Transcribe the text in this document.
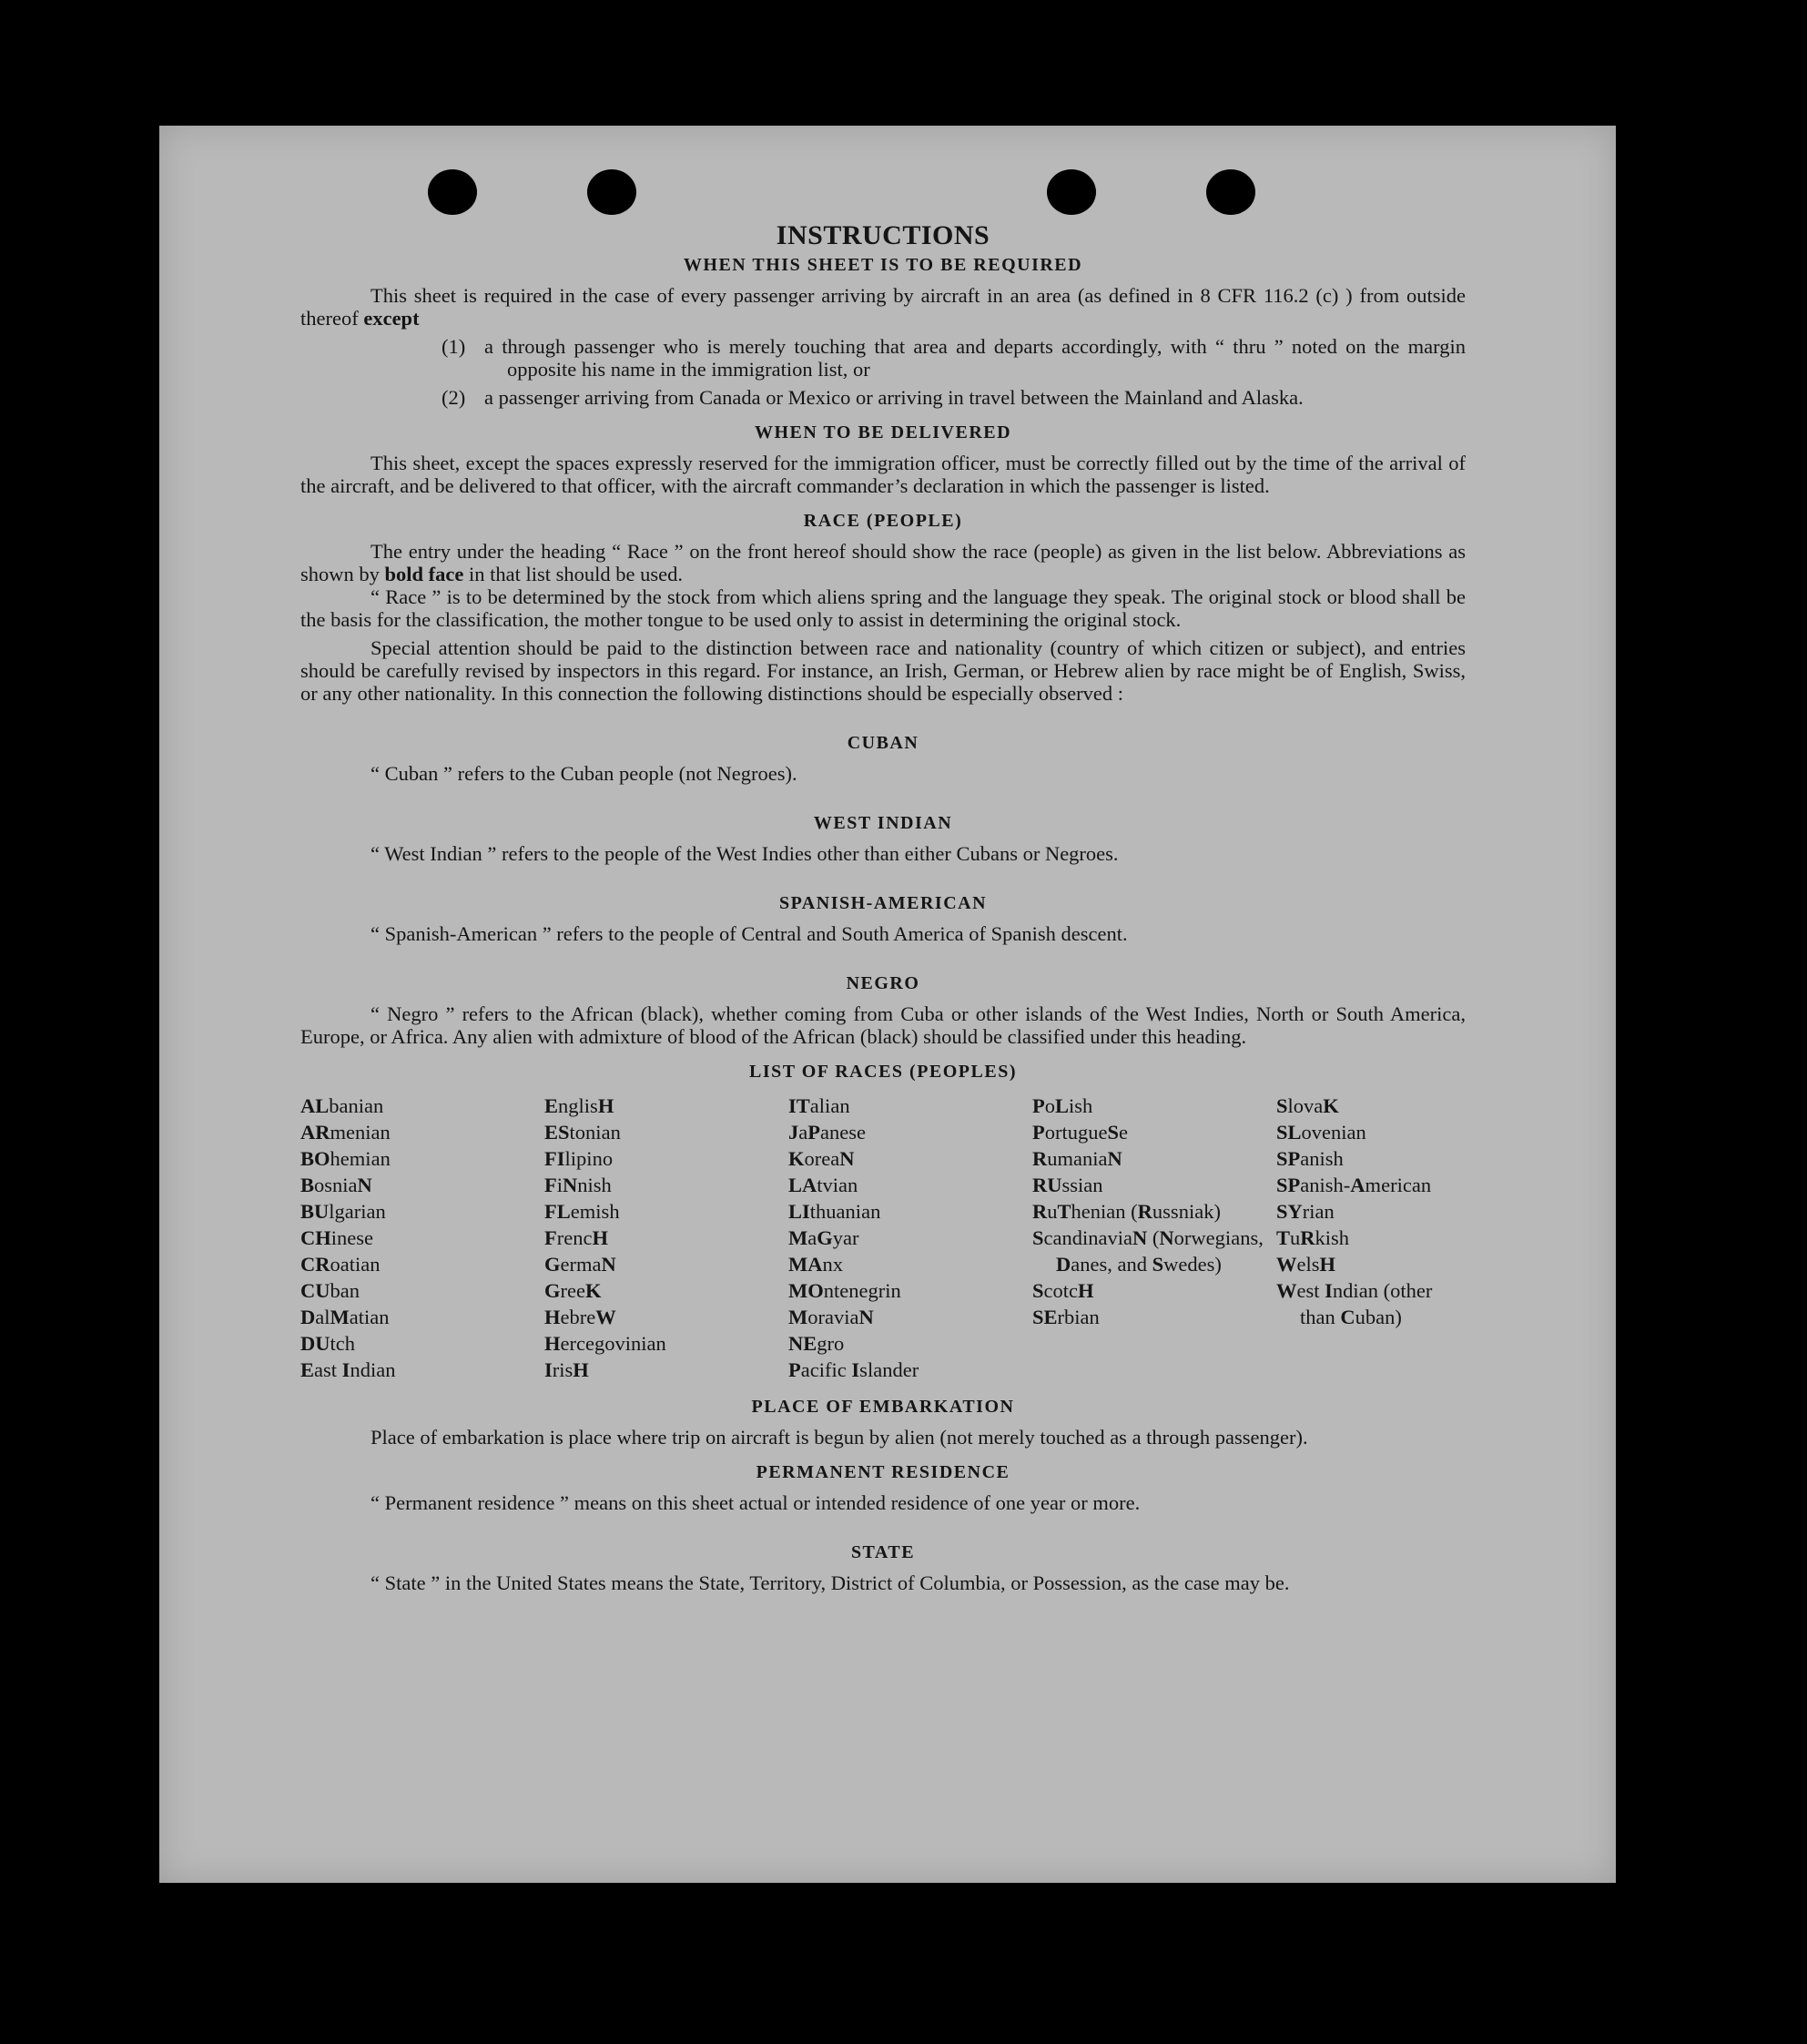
INSTRUCTIONS
WHEN THIS SHEET IS TO BE REQUIRED

This sheet is required in the case of every passenger arriving by aircraft in an area (as defined in 8 CFR 116.2 (c) ) from outside thereof except

(1) a through passenger who is merely touching that area and departs accordingly, with “ thru ” noted on the margin opposite his name in the immigration list, or
(2) a passenger arriving from Canada or Mexico or arriving in travel between the Mainland and Alaska.
WHEN TO BE DELIVERED

This sheet, except the spaces expressly reserved for the immigration officer, must be correctly filled out by the time of the arrival of the aircraft, and be delivered to that officer, with the aircraft commander’s declaration in which the passenger is listed.

RACE (PEOPLE)

The entry under the heading “ Race ” on the front hereof should show the race (people) as given in the list below. Abbreviations as shown by bold face in that list should be used.

“ Race ” is to be determined by the stock from which aliens spring and the language they speak. The original stock or blood shall be the basis for the classification, the mother tongue to be used only to assist in determining the original stock.

Special attention should be paid to the distinction between race and nationality (country of which citizen or subject), and entries should be carefully revised by inspectors in this regard. For instance, an Irish, German, or Hebrew alien by race might be of English, Swiss, or any other nationality. In this connection the following distinctions should be especially observed :

CUBAN

“ Cuban ” refers to the Cuban people (not Negroes).

WEST INDIAN

“ West Indian ” refers to the people of the West Indies other than either Cubans or Negroes.

SPANISH-AMERICAN

“ Spanish-American ” refers to the people of Central and South America of Spanish descent.

NEGRO

“ Negro ” refers to the African (black), whether coming from Cuba or other islands of the West Indies, North or South America, Europe, or Africa. Any alien with admixture of blood of the African (black) should be classified under this heading.

LIST OF RACES (PEOPLES)
ALbanian
ARmenian
BOhemian
BosniaN
BUlgarian
CHinese
CRoatian
CUban
DalMatian
DUtch
East Indian
EnglisH
EStonian
FIlipino
FiNnish
FLemish
FrencH
GermaN
GreeK
HebreW
Hercegovinian
IrisH
ITalian
JaPanese
KoreaN
LAtvian
LIthuanian
MaGyar
MAnx
MOntenegrin
MoraviaN
NEgro
Pacific Islander
PoLish
PortugueSe
RumaniaN
RUssian
RuThenian (Russniak)
ScandinaviaN (Norwegians, Danes, and Swedes)
ScotcH
SErbian
SlovaK
SLovenian
SPanish
SPanish-American
SYrian
TuRkish
WelsH
West Indian (other than Cuban)
PLACE OF EMBARKATION

Place of embarkation is place where trip on aircraft is begun by alien (not merely touched as a through passenger).

PERMANENT RESIDENCE

“ Permanent residence ” means on this sheet actual or intended residence of one year or more.

STATE

“ State ” in the United States means the State, Territory, District of Columbia, or Possession, as the case may be.
